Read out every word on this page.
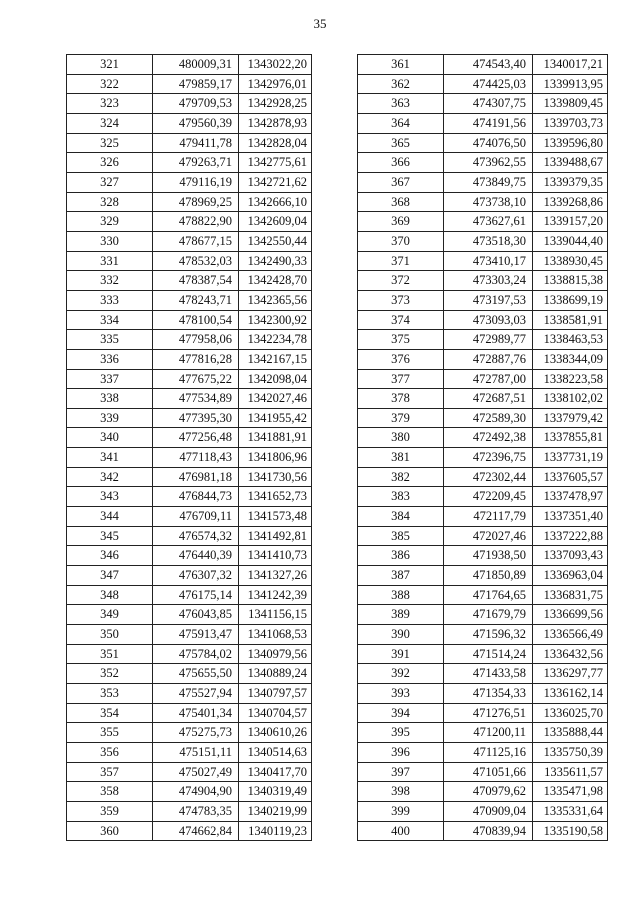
35
321	480009,31	1343022,20
322	479859,17	1342976,01
323	479709,53	1342928,25
324	479560,39	1342878,93
325	479411,78	1342828,04
326	479263,71	1342775,61
327	479116,19	1342721,62
328	478969,25	1342666,10
329	478822,90	1342609,04
330	478677,15	1342550,44
331	478532,03	1342490,33
332	478387,54	1342428,70
333	478243,71	1342365,56
334	478100,54	1342300,92
335	477958,06	1342234,78
336	477816,28	1342167,15
337	477675,22	1342098,04
338	477534,89	1342027,46
339	477395,30	1341955,42
340	477256,48	1341881,91
341	477118,43	1341806,96
342	476981,18	1341730,56
343	476844,73	1341652,73
344	476709,11	1341573,48
345	476574,32	1341492,81
346	476440,39	1341410,73
347	476307,32	1341327,26
348	476175,14	1341242,39
349	476043,85	1341156,15
350	475913,47	1341068,53
351	475784,02	1340979,56
352	475655,50	1340889,24
353	475527,94	1340797,57
354	475401,34	1340704,57
355	475275,73	1340610,26
356	475151,11	1340514,63
357	475027,49	1340417,70
358	474904,90	1340319,49
359	474783,35	1340219,99
360	474662,84	1340119,23
361	474543,40	1340017,21
362	474425,03	1339913,95
363	474307,75	1339809,45
364	474191,56	1339703,73
365	474076,50	1339596,80
366	473962,55	1339488,67
367	473849,75	1339379,35
368	473738,10	1339268,86
369	473627,61	1339157,20
370	473518,30	1339044,40
371	473410,17	1338930,45
372	473303,24	1338815,38
373	473197,53	1338699,19
374	473093,03	1338581,91
375	472989,77	1338463,53
376	472887,76	1338344,09
377	472787,00	1338223,58
378	472687,51	1338102,02
379	472589,30	1337979,42
380	472492,38	1337855,81
381	472396,75	1337731,19
382	472302,44	1337605,57
383	472209,45	1337478,97
384	472117,79	1337351,40
385	472027,46	1337222,88
386	471938,50	1337093,43
387	471850,89	1336963,04
388	471764,65	1336831,75
389	471679,79	1336699,56
390	471596,32	1336566,49
391	471514,24	1336432,56
392	471433,58	1336297,77
393	471354,33	1336162,14
394	471276,51	1336025,70
395	471200,11	1335888,44
396	471125,16	1335750,39
397	471051,66	1335611,57
398	470979,62	1335471,98
399	470909,04	1335331,64
400	470839,94	1335190,58
